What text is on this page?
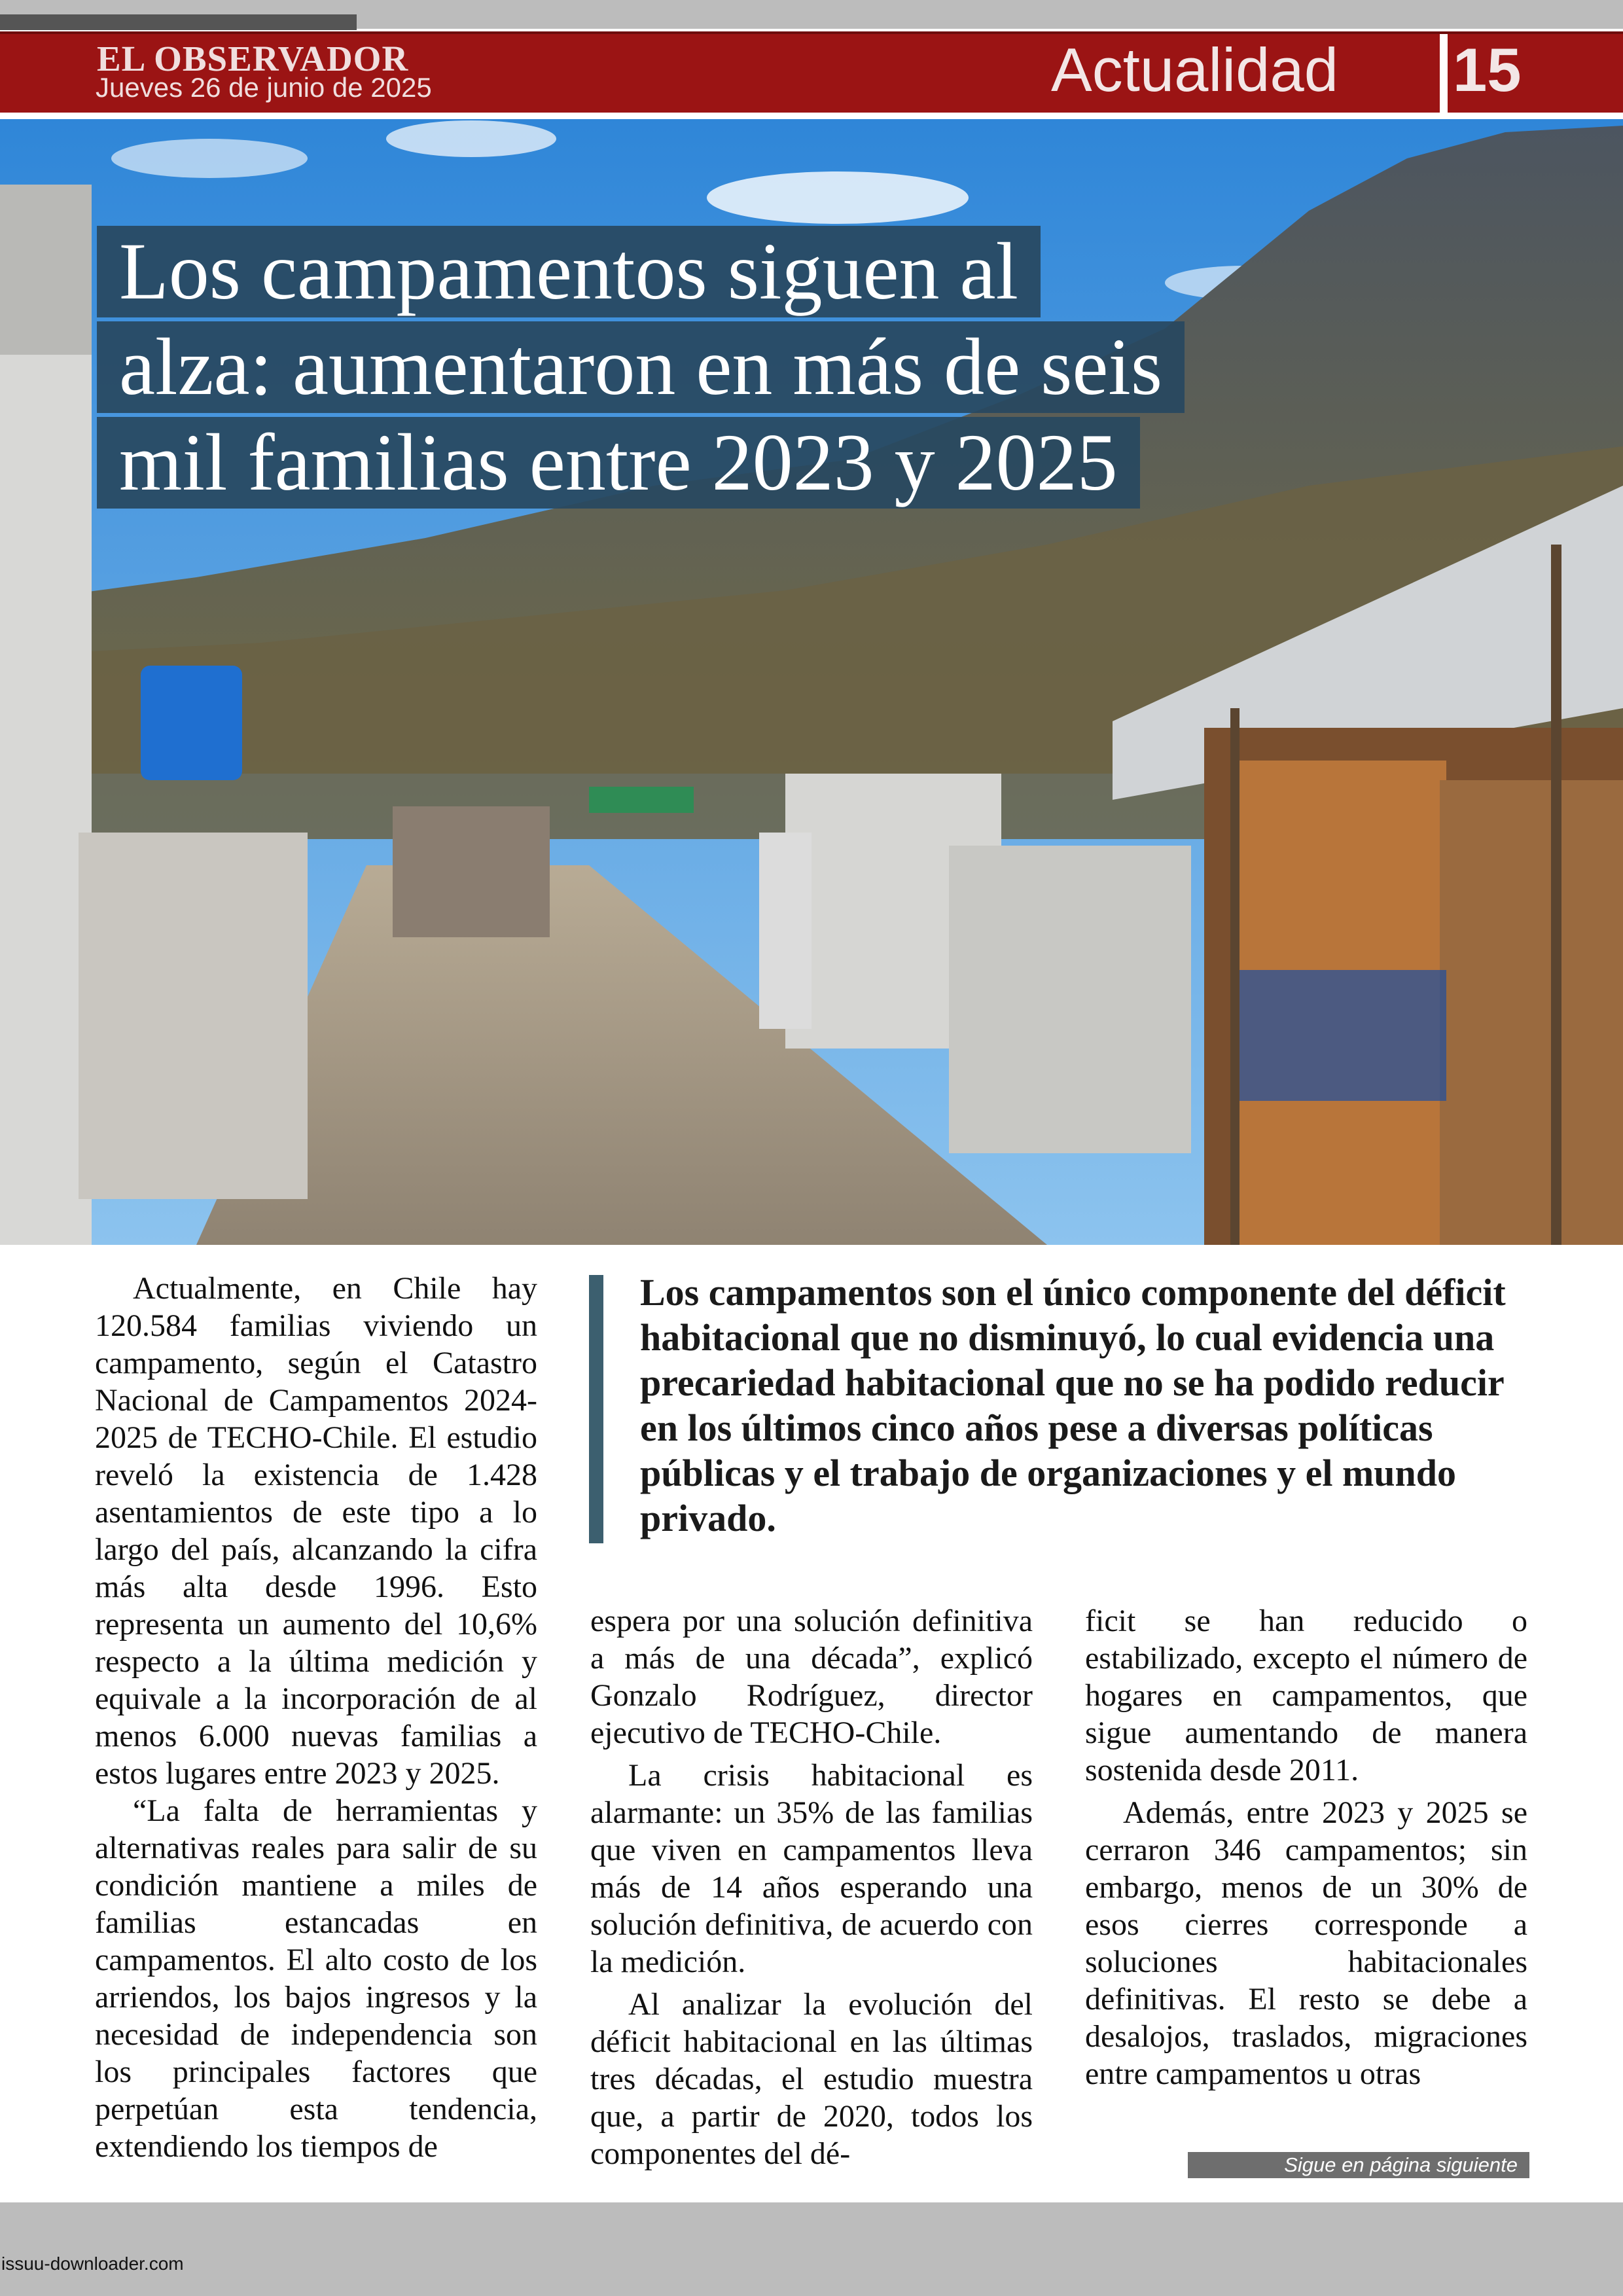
EL OBSERVADOR
Jueves 26 de junio de 2025	Actualidad 15
Los campamentos siguen al
alza: aumentaron en más de seis
mil familias entre 2023 y 2025

Actualmente, en Chile hay 120.584 familias viviendo un campamento, según el Catastro Nacional de Campamentos 2024-2025 de TECHO-Chile. El estudio reveló la existencia de 1.428 asentamientos de este tipo a lo largo del país, alcanzando la cifra más alta desde 1996. Esto representa un aumento del 10,6% respecto a la última medición y equivale a la incorporación de al menos 6.000 nuevas familias a estos lugares entre 2023 y 2025.

“La falta de herramientas y alternativas reales para salir de su condición mantiene a miles de familias estancadas en campamentos. El alto costo de los arriendos, los bajos ingresos y la necesidad de independencia son los principales factores que perpetúan esta tendencia, extendiendo los tiempos de

Los campamentos son el único componente del déficit habitacional que no disminuyó, lo cual evidencia una precariedad habitacional que no se ha podido reducir en los últimos cinco años pese a diversas políticas públicas y el trabajo de organizaciones y el mundo privado.

espera por una solución definitiva a más de una década”, explicó Gonzalo Rodríguez, director ejecutivo de TECHO-Chile.

La crisis habitacional es alarmante: un 35% de las familias que viven en campamentos lleva más de 14 años esperando una solución definitiva, de acuerdo con la medición.

Al analizar la evolución del déficit habitacional en las últimas tres décadas, el estudio muestra que, a partir de 2020, todos los componentes del dé-

ficit se han reducido o estabilizado, excepto el número de hogares en campamentos, que sigue aumentando de manera sostenida desde 2011.

Además, entre 2023 y 2025 se cerraron 346 campamentos; sin embargo, menos de un 30% de esos cierres corresponde a soluciones habitacionales definitivas. El resto se debe a desalojos, traslados, migraciones entre campamentos u otras

Sigue en página siguiente
issuu-downloader.com
